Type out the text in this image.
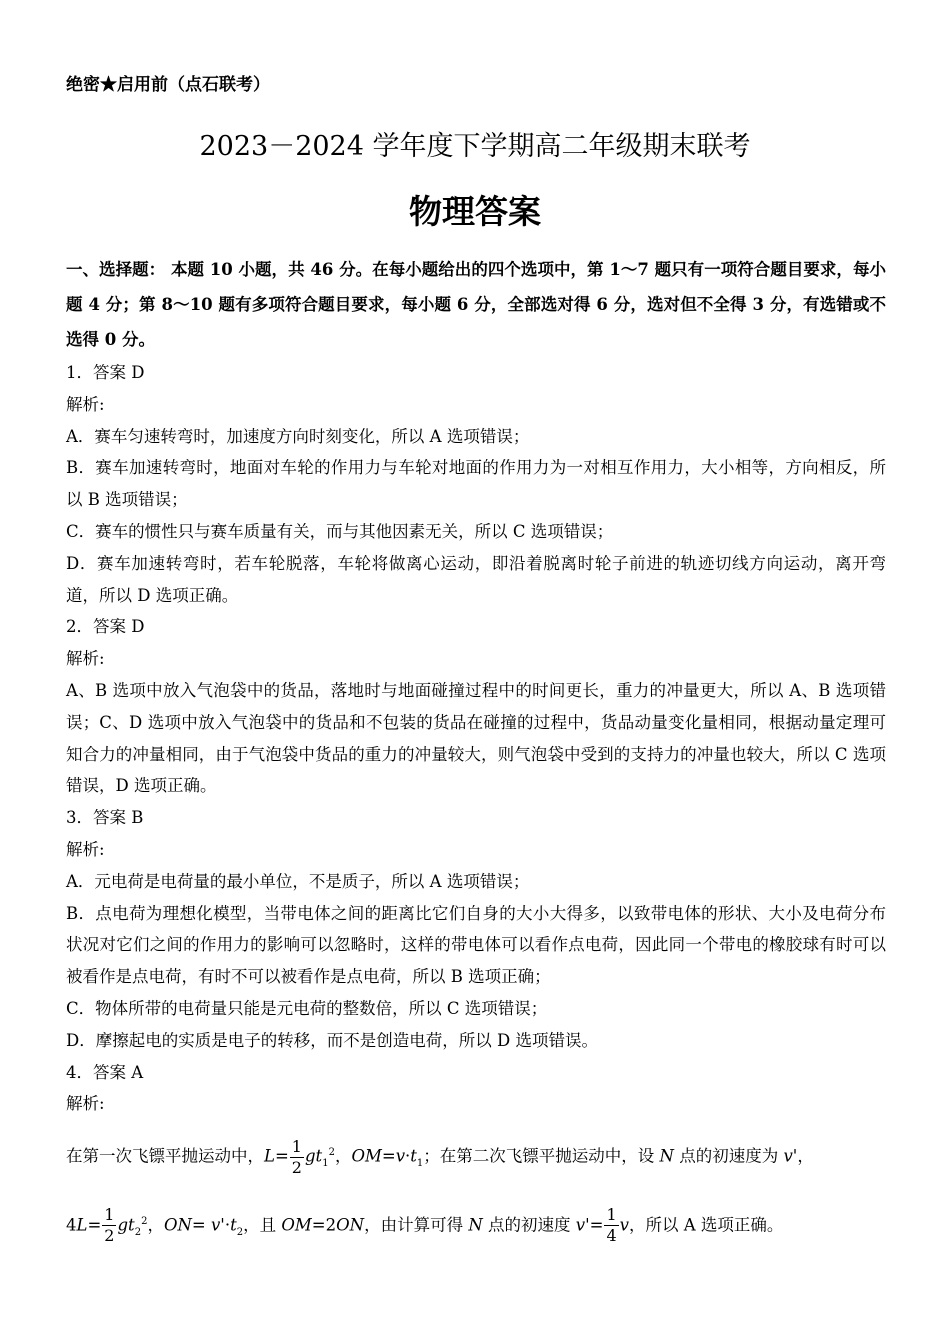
绝密★启用前（点石联考）
2023－2024 学年度下学期高二年级期末联考
物理答案
一、选择题： 本题 10 小题，共 46 分。在每小题给出的四个选项中，第 1～7 题只有一项符合题目要求，每小题 4 分；第 8～10 题有多项符合题目要求，每小题 6 分，全部选对得 6 分，选对但不全得 3 分，有选错或不选得 0 分。
1．答案 D
解析:
A．赛车匀速转弯时，加速度方向时刻变化，所以 A 选项错误；
B．赛车加速转弯时，地面对车轮的作用力与车轮对地面的作用力为一对相互作用力，大小相等，方向相反，所以 B 选项错误；
C．赛车的惯性只与赛车质量有关，而与其他因素无关，所以 C 选项错误；
D．赛车加速转弯时，若车轮脱落，车轮将做离心运动，即沿着脱离时轮子前进的轨迹切线方向运动，离开弯道，所以 D 选项正确。
2．答案 D
解析:
A、B 选项中放入气泡袋中的货品，落地时与地面碰撞过程中的时间更长，重力的冲量更大，所以 A、B 选项错误；C、D 选项中放入气泡袋中的货品和不包装的货品在碰撞的过程中，货品动量变化量相同，根据动量定理可知合力的冲量相同，由于气泡袋中货品的重力的冲量较大，则气泡袋中受到的支持力的冲量也较大，所以 C 选项错误，D 选项正确。
3．答案 B
解析:
A．元电荷是电荷量的最小单位，不是质子，所以 A 选项错误；
B．点电荷为理想化模型，当带电体之间的距离比它们自身的大小大得多，以致带电体的形状、大小及电荷分布状况对它们之间的作用力的影响可以忽略时，这样的带电体可以看作点电荷，因此同一个带电的橡胶球有时可以被看作是点电荷，有时不可以被看作是点电荷，所以 B 选项正确；
C．物体所带的电荷量只能是元电荷的整数倍，所以 C 选项错误；
D．摩擦起电的实质是电子的转移，而不是创造电荷，所以 D 选项错误。
4．答案 A
解析:
在第一次飞镖平抛运动中，$L= \frac{1}{2} gt_1^2$，$OM=v\cdot t_1$；在第二次飞镖平抛运动中，设 N 点的初速度为 v'，
$4L= \frac{1}{2} gt_2^2$，$ON= v'\cdot t_2$，且 OM=2ON，由计算可得 N 点的初速度 $v'= \frac{1}{4}$ v，所以 A 选项正确。
